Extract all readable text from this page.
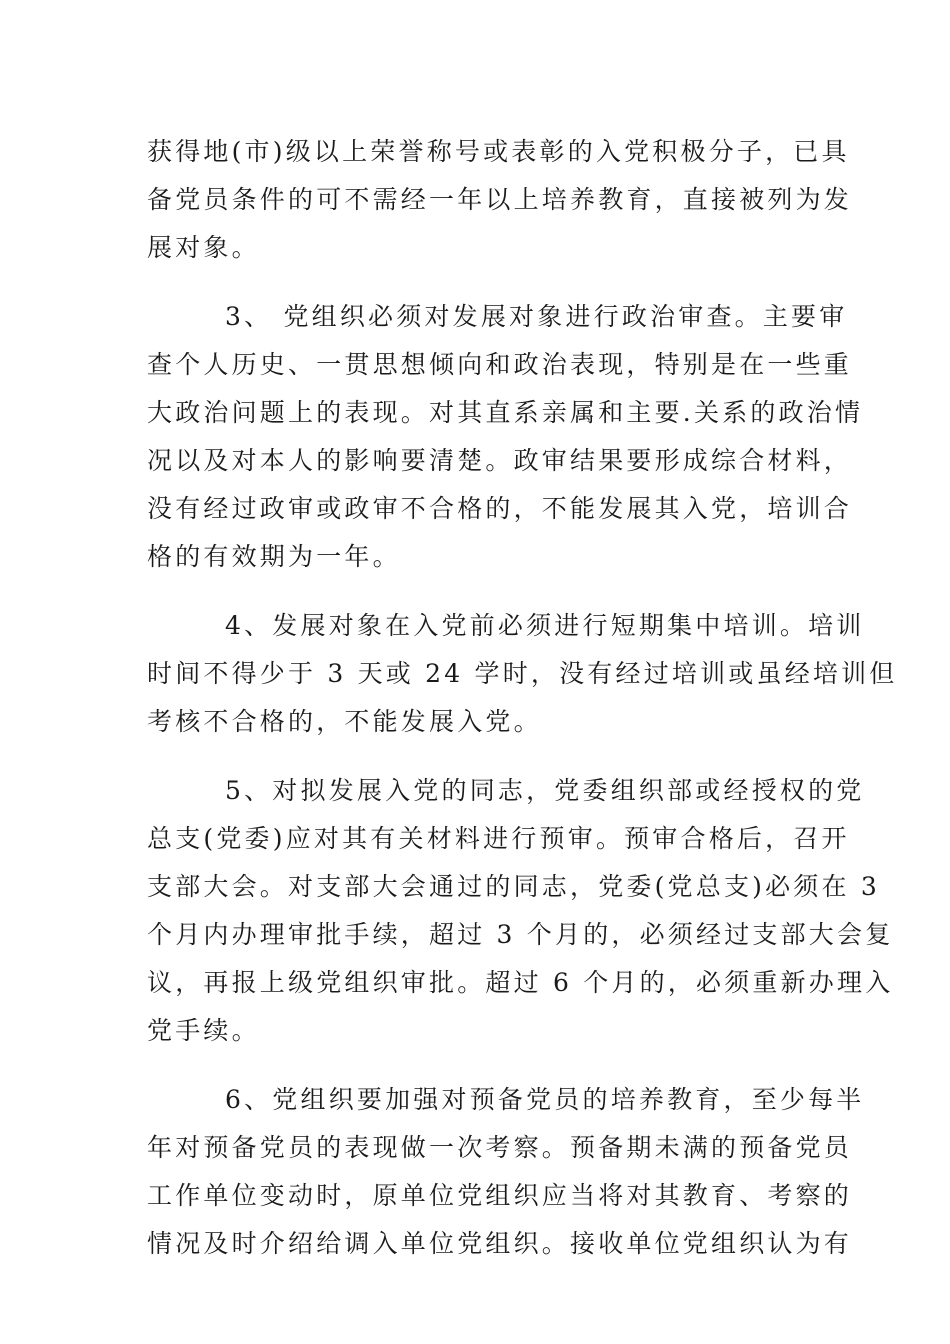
获得地(市)级以上荣誉称号或表彰的入党积极分子，已具
备党员条件的可不需经一年以上培养教育，直接被列为发
展对象。
3、 党组织必须对发展对象进行政治审查。主要审
查个人历史、一贯思想倾向和政治表现，特别是在一些重
大政治问题上的表现。对其直系亲属和主要.关系的政治情
况以及对本人的影响要清楚。政审结果要形成综合材料，
没有经过政审或政审不合格的，不能发展其入党，培训合
格的有效期为一年。
4、发展对象在入党前必须进行短期集中培训。培训
时间不得少于 3 天或 24 学时，没有经过培训或虽经培训但
考核不合格的，不能发展入党。
5、对拟发展入党的同志，党委组织部或经授权的党
总支(党委)应对其有关材料进行预审。预审合格后，召开
支部大会。对支部大会通过的同志，党委(党总支)必须在 3
个月内办理审批手续，超过 3 个月的，必须经过支部大会复
议，再报上级党组织审批。超过 6 个月的，必须重新办理入
党手续。
6、党组织要加强对预备党员的培养教育，至少每半
年对预备党员的表现做一次考察。预备期未满的预备党员
工作单位变动时，原单位党组织应当将对其教育、考察的
情况及时介绍给调入单位党组织。接收单位党组织认为有
